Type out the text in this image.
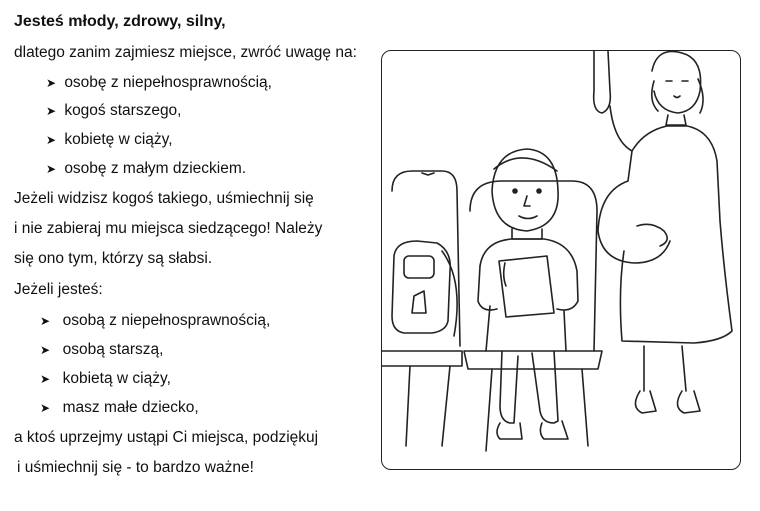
Jesteś młody, zdrowy, silny,
dlatego zanim zajmiesz miejsce, zwróć uwagę na:
➤ osobę z niepełnosprawnością,
➤ kogoś starszego,
➤ kobietę w ciąży,
➤ osobę z małym dzieckiem.
Jeżeli widzisz kogoś takiego, uśmiechnij się
i nie zabieraj mu miejsca siedzącego! Należy
się ono tym, którzy są słabsi.
Jeżeli jesteś:
➤ osobą z niepełnosprawnością,
➤ osobą starszą,
➤ kobietą w ciąży,
➤ masz małe dziecko,
a ktoś uprzejmy ustąpi Ci miejsca, podziękuj
i uśmiechnij się - to bardzo ważne!
